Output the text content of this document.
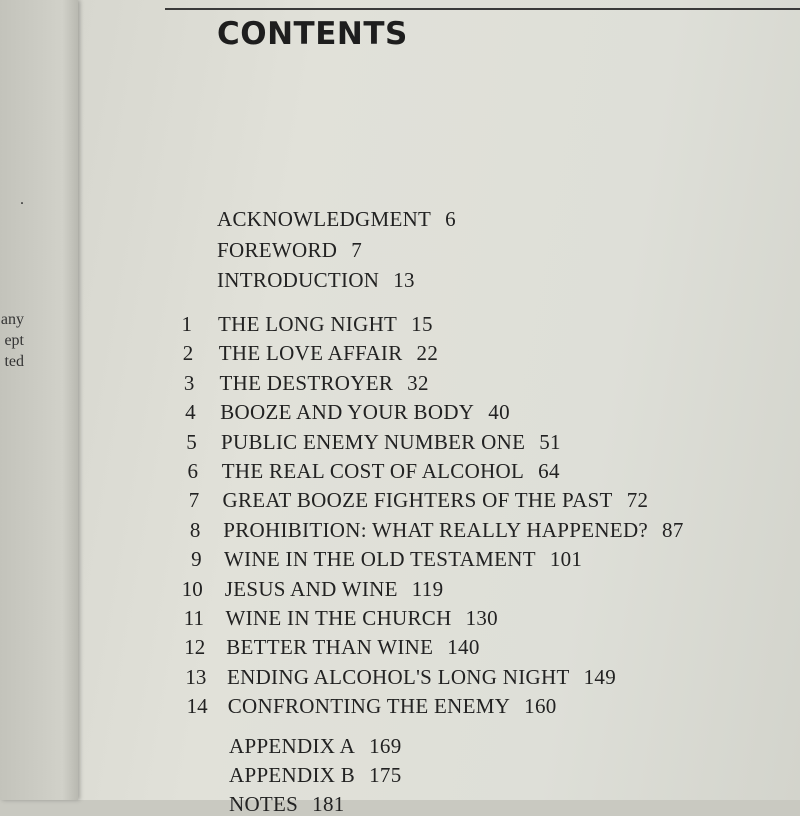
.
any
ept
ted
CONTENTS
ACKNOWLEDGMENT 6
FOREWORD 7
INTRODUCTION 13
1 THE LONG NIGHT 15
2 THE LOVE AFFAIR 22
3 THE DESTROYER 32
4 BOOZE AND YOUR BODY 40
5 PUBLIC ENEMY NUMBER ONE 51
6 THE REAL COST OF ALCOHOL 64
7 GREAT BOOZE FIGHTERS OF THE PAST 72
8 PROHIBITION: WHAT REALLY HAPPENED? 87
9 WINE IN THE OLD TESTAMENT 101
10 JESUS AND WINE 119
11 WINE IN THE CHURCH 130
12 BETTER THAN WINE 140
13 ENDING ALCOHOL'S LONG NIGHT 149
14 CONFRONTING THE ENEMY 160
APPENDIX A 169
APPENDIX B 175
NOTES 181
